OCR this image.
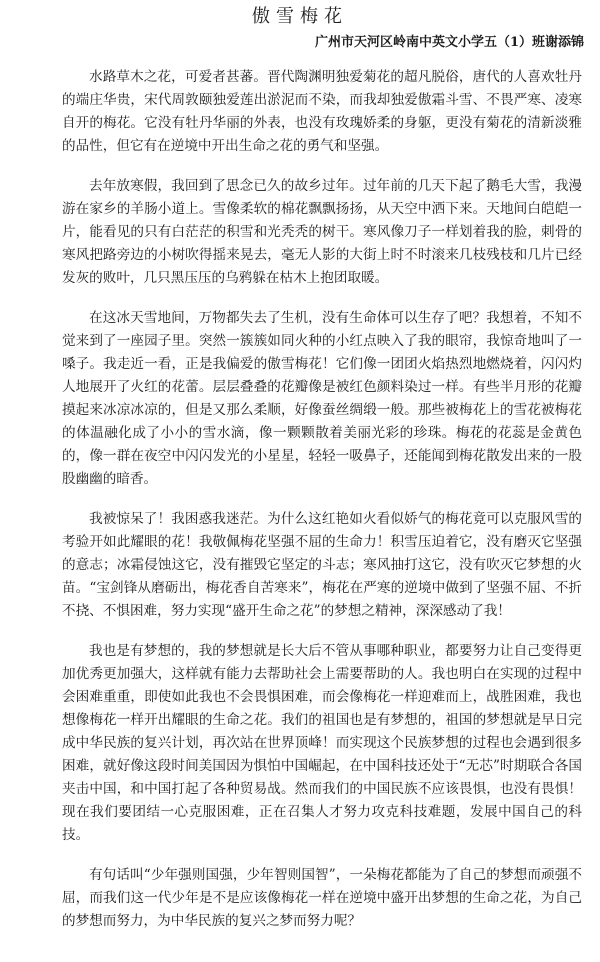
傲雪梅花
广州市天河区岭南中英文小学五（1）班谢添锦

水路草木之花，可爱者甚蕃。晋代陶渊明独爱菊花的超凡脱俗，唐代的人喜欢牡丹的端庄华贵，宋代周敦颐独爱莲出淤泥而不染，而我却独爱傲霜斗雪、不畏严寒、凌寒自开的梅花。它没有牡丹华丽的外表，也没有玫瑰娇柔的身躯，更没有菊花的清新淡雅的品性，但它有在逆境中开出生命之花的勇气和坚强。

去年放寒假，我回到了思念已久的故乡过年。过年前的几天下起了鹅毛大雪，我漫游在家乡的羊肠小道上。雪像柔软的棉花飘飘扬扬，从天空中洒下来。天地间白皑皑一片，能看见的只有白茫茫的积雪和光秃秃的树干。寒风像刀子一样划着我的脸，刺骨的寒风把路旁边的小树吹得摇来晃去，毫无人影的大街上时不时滚来几枝残枝和几片已经发灰的败叶，几只黑压压的乌鸦躲在枯木上抱团取暖。

在这冰天雪地间，万物都失去了生机，没有生命体可以生存了吧？我想着，不知不觉来到了一座园子里。突然一簇簇如同火种的小红点映入了我的眼帘，我惊奇地叫了一嗓子。我走近一看，正是我偏爱的傲雪梅花！它们像一团团火焰热烈地燃烧着，闪闪灼人地展开了火红的花蕾。层层叠叠的花瓣像是被红色颜料染过一样。有些半月形的花瓣摸起来冰凉冰凉的，但是又那么柔顺，好像蚕丝绸缎一般。那些被梅花上的雪花被梅花的体温融化成了小小的雪水滴，像一颗颗散着美丽光彩的珍珠。梅花的花蕊是金黄色的，像一群在夜空中闪闪发光的小星星，轻轻一吸鼻子，还能闻到梅花散发出来的一股股幽幽的暗香。

我被惊呆了！我困惑我迷茫。为什么这红艳如火看似娇气的梅花竟可以克服风雪的考验开如此耀眼的花！我敬佩梅花坚强不屈的生命力！积雪压迫着它，没有磨灭它坚强的意志；冰霜侵蚀这它，没有摧毁它坚定的斗志；寒风抽打这它，没有吹灭它梦想的火苗。“宝剑锋从磨砺出，梅花香自苦寒来”，梅花在严寒的逆境中做到了坚强不屈、不折不挠、不惧困难，努力实现“盛开生命之花”的梦想之精神，深深感动了我！

我也是有梦想的，我的梦想就是长大后不管从事哪种职业，都要努力让自己变得更加优秀更加强大，这样就有能力去帮助社会上需要帮助的人。我也明白在实现的过程中会困难重重，即使如此我也不会畏惧困难，而会像梅花一样迎难而上，战胜困难，我也想像梅花一样开出耀眼的生命之花。我们的祖国也是有梦想的，祖国的梦想就是早日完成中华民族的复兴计划，再次站在世界顶峰！而实现这个民族梦想的过程也会遇到很多困难，就好像这段时间美国因为惧怕中国崛起，在中国科技还处于“无芯”时期联合各国夹击中国，和中国打起了各种贸易战。然而我们的中国民族不应该畏惧，也没有畏惧！现在我们要团结一心克服困难，正在召集人才努力攻克科技难题，发展中国自己的科技。

有句话叫“少年强则国强，少年智则国智”，一朵梅花都能为了自己的梦想而顽强不屈，而我们这一代少年是不是应该像梅花一样在逆境中盛开出梦想的生命之花，为自己的梦想而努力，为中华民族的复兴之梦而努力呢？
